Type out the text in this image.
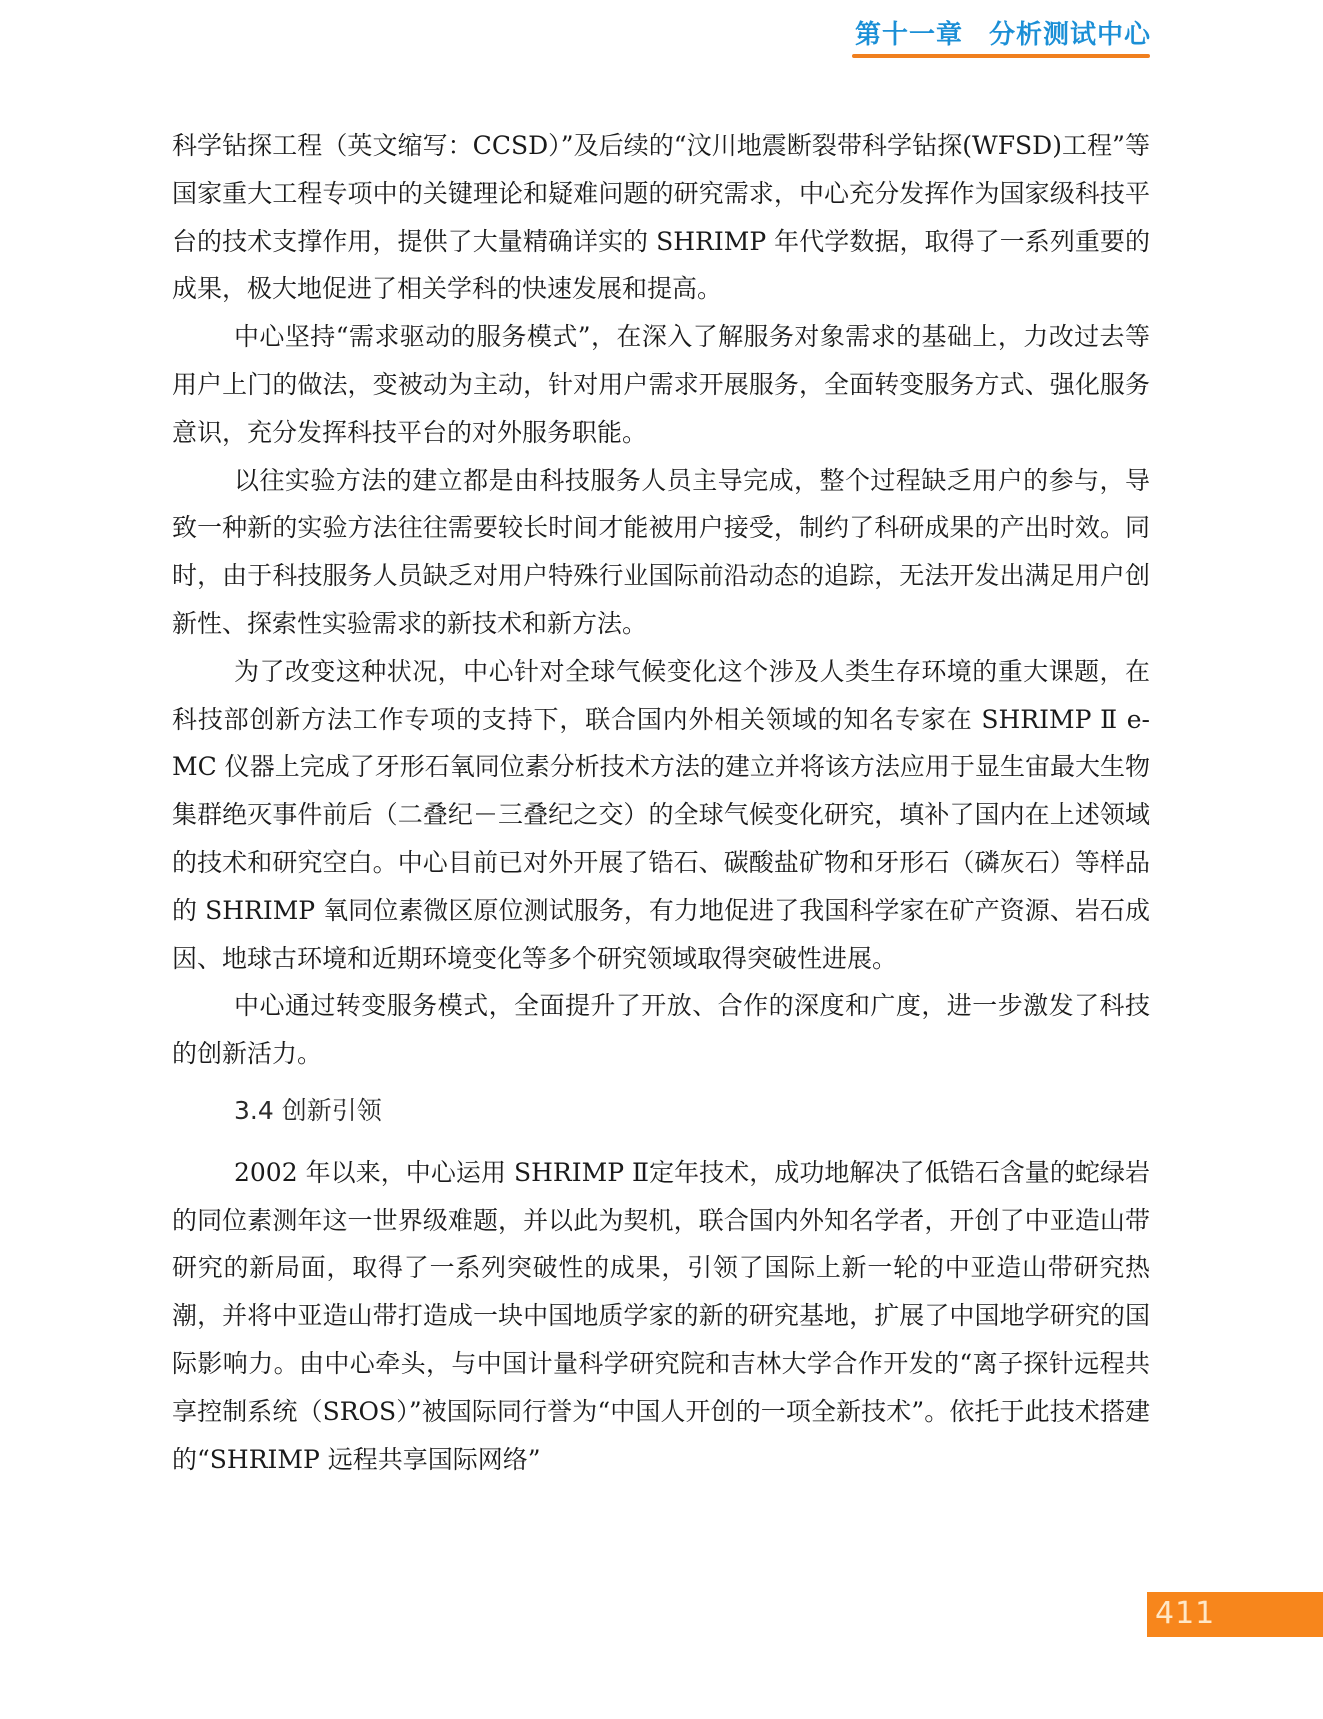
第十一章 分析测试中心

科学钻探工程（英文缩写：CCSD）”及后续的“汶川地震断裂带科学钻探(WFSD)工程”等国家重大工程专项中的关键理论和疑难问题的研究需求，中心充分发挥作为国家级科技平台的技术支撑作用，提供了大量精确详实的 SHRIMP 年代学数据，取得了一系列重要的成果，极大地促进了相关学科的快速发展和提高。

中心坚持“需求驱动的服务模式”，在深入了解服务对象需求的基础上，力改过去等用户上门的做法，变被动为主动，针对用户需求开展服务，全面转变服务方式、强化服务意识，充分发挥科技平台的对外服务职能。

以往实验方法的建立都是由科技服务人员主导完成，整个过程缺乏用户的参与，导致一种新的实验方法往往需要较长时间才能被用户接受，制约了科研成果的产出时效。同时，由于科技服务人员缺乏对用户特殊行业国际前沿动态的追踪，无法开发出满足用户创新性、探索性实验需求的新技术和新方法。

为了改变这种状况，中心针对全球气候变化这个涉及人类生存环境的重大课题，在科技部创新方法工作专项的支持下，联合国内外相关领域的知名专家在 SHRIMP Ⅱ e-MC 仪器上完成了牙形石氧同位素分析技术方法的建立并将该方法应用于显生宙最大生物集群绝灭事件前后（二叠纪－三叠纪之交）的全球气候变化研究，填补了国内在上述领域的技术和研究空白。中心目前已对外开展了锆石、碳酸盐矿物和牙形石（磷灰石）等样品的 SHRIMP 氧同位素微区原位测试服务，有力地促进了我国科学家在矿产资源、岩石成因、地球古环境和近期环境变化等多个研究领域取得突破性进展。

中心通过转变服务模式，全面提升了开放、合作的深度和广度，进一步激发了科技的创新活力。

3.4 创新引领

2002 年以来，中心运用 SHRIMP Ⅱ定年技术，成功地解决了低锆石含量的蛇绿岩的同位素测年这一世界级难题，并以此为契机，联合国内外知名学者，开创了中亚造山带研究的新局面，取得了一系列突破性的成果，引领了国际上新一轮的中亚造山带研究热潮，并将中亚造山带打造成一块中国地质学家的新的研究基地，扩展了中国地学研究的国际影响力。由中心牵头，与中国计量科学研究院和吉林大学合作开发的“离子探针远程共享控制系统（SROS）”被国际同行誉为“中国人开创的一项全新技术”。依托于此技术搭建的“SHRIMP 远程共享国际网络”

411
